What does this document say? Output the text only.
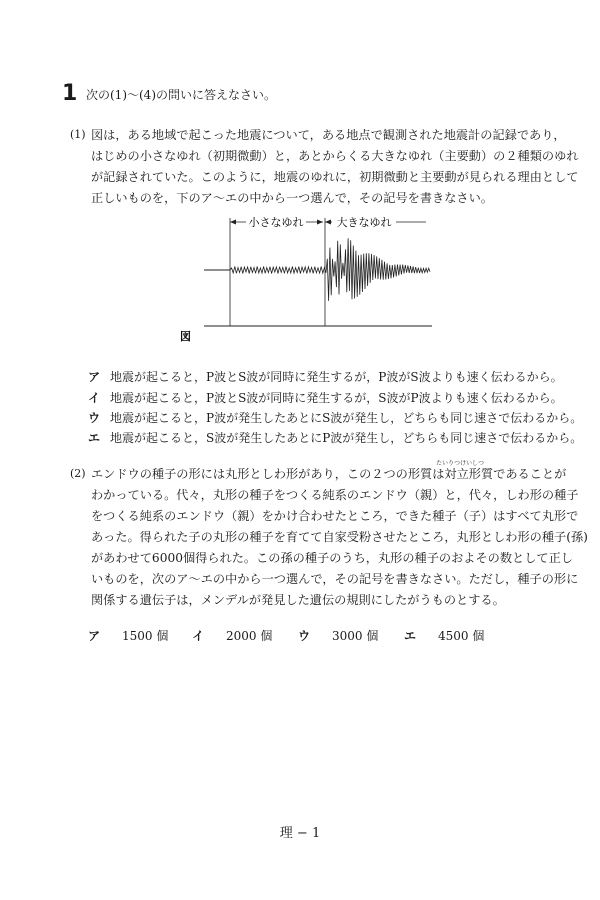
1 次の(1)〜(4)の問いに答えなさい。
(1) 図は，ある地域で起こった地震について，ある地点で観測された地震計の記録であり，
はじめの小さなゆれ（初期微動）と，あとからくる大きなゆれ（主要動）の２種類のゆれ
が記録されていた。このように，地震のゆれに，初期微動と主要動が見られる理由として
正しいものを，下のア〜エの中から一つ選んで，その記号を書きなさい。
小さなゆれ	大きなゆれ
図
ア 地震が起こると，P波とS波が同時に発生するが，P波がS波よりも速く伝わるから。
イ 地震が起こると，P波とS波が同時に発生するが，S波がP波よりも速く伝わるから。
ウ 地震が起こると，P波が発生したあとにS波が発生し，どちらも同じ速さで伝わるから。
エ 地震が起こると，S波が発生したあとにP波が発生し，どちらも同じ速さで伝わるから。
(2)
たいりつけいしつ
エンドウの種子の形には丸形としわ形があり，この２つの形質は対立形質であることが
わかっている。代々，丸形の種子をつくる純系のエンドウ（親）と，代々，しわ形の種子
をつくる純系のエンドウ（親）をかけ合わせたところ，できた種子（子）はすべて丸形で
あった。得られた子の丸形の種子を育てて自家受粉させたところ，丸形としわ形の種子(孫)
があわせて6000個得られた。この孫の種子のうち，丸形の種子のおよその数として正し
いものを，次のア〜エの中から一つ選んで，その記号を書きなさい。ただし，種子の形に
関係する遺伝子は，メンデルが発見した遺伝の規則にしたがうものとする。
ア 1500 個 イ 2000 個 ウ 3000 個 エ 4500 個
理 − 1
